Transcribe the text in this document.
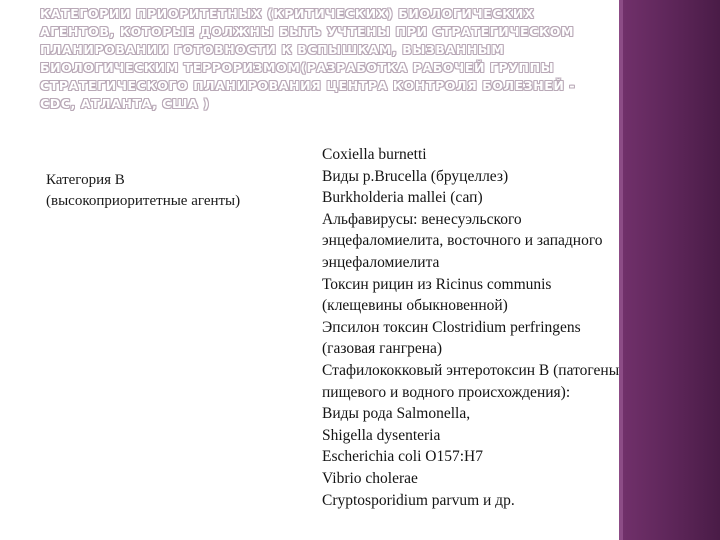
КАТЕГОРИИ ПРИОРИТЕТНЫХ (КРИТИЧЕСКИХ) БИОЛОГИЧЕСКИХ АГЕНТОВ, КОТОРЫЕ ДОЛЖНЫ БЫТЬ УЧТЕНЫ ПРИ СТРАТЕГИЧЕСКОМ ПЛАНИРОВАНИИ ГОТОВНОСТИ К ВСПЫШКАМ, ВЫЗВАННЫМ БИОЛОГИЧЕСКИМ ТЕРРОРИЗМОМ(РАЗРАБОТКА РАБОЧЕЙ ГРУППЫ СТРАТЕГИЧЕСКОГО ПЛАНИРОВАНИЯ ЦЕНТРА КОНТРОЛЯ БОЛЕЗНЕЙ - CDC, АТЛАНТА, США )
Категория В
(высокоприоритетные агенты)
Coxiella burnetti
Виды р.Brucella (бруцеллез)
Burkholderia mallei (сап)
Альфавирусы: венесуэльского
энцефаломиелита, восточного и западного
энцефаломиелита
Токсин рицин из Ricinus communis
(клещевины обыкновенной)
Эпсилон токсин Clostridium perfringens
(газовая гангрена)
Стафилококковый энтеротоксин В (патогены
пищевого и водного происхождения):
Виды рода Salmonella,
Shigella dysenteria
Escherichia coli O157:H7
Vibrio cholerae
Cryptosporidium parvum и др.
